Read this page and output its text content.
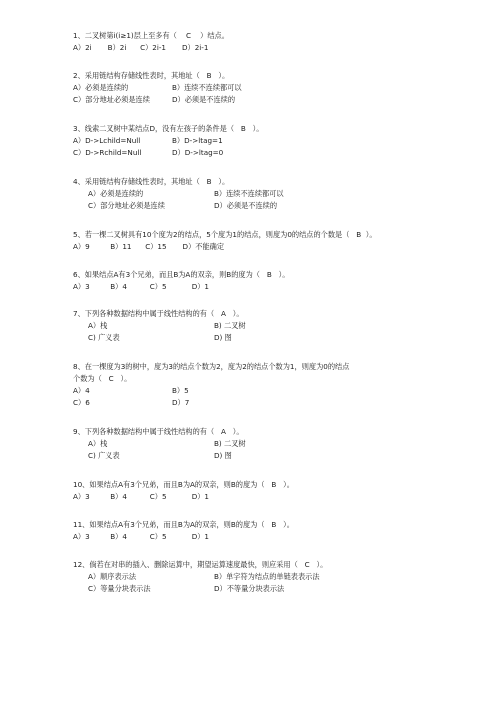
1、二叉树第i(i≥1)层上至多有（    C    ）结点。
A）2i       B）2i      C）2i-1       D）2i-1
2、采用链结构存储线性表时，其地址（   B   ）。
A）必须是连续的	B）连续不连续都可以
C）部分地址必须是连续	D）必须是不连续的
3、线索二叉树中某结点D，没有左孩子的条件是（   B   ）。
A）D->Lchild=Null	B）D->ltag=1
C）D->Rchild=Null	D）D->ltag=0
4、采用链结构存储线性表时，其地址（   B   ）。
A）必须是连续的	B）连续不连续都可以
C）部分地址必须是连续	D）必须是不连续的
5、若一棵二叉树具有10个度为2的结点，5个度为1的结点，则度为0的结点的个数是（   B  ）。
A）9         B）11      C）15       D）不能确定
6、如果结点A有3个兄弟，而且B为A的双亲，则B的度为（   B   ）。
A）3         B）4          C）5           D）1
7、下列各种数据结构中属于线性结构的有（   A   ）。
A）栈	B) 二叉树
C) 广义表	D) 图
8、在一棵度为3的树中，度为3的结点个数为2，度为2的结点个数为1，则度为0的结点
个数为（   C   ）。
A）4	B）5
C）6	D）7
9、下列各种数据结构中属于线性结构的有（   A   ）。
A）栈	B) 二叉树
C) 广义表	D) 图
10、如果结点A有3个兄弟，而且B为A的双亲，则B的度为（   B   ）。
A）3         B）4          C）5           D）1
11、如果结点A有3个兄弟，而且B为A的双亲，则B的度为（   B   ）。
A）3         B）4          C）5           D）1
12、倘若在对串的插入、删除运算中，期望运算速度最快，则应采用（   C   ）。
A）顺序表示法	B）单字符为结点的单链表表示法
C）等量分块表示法	D）不等量分块表示法
